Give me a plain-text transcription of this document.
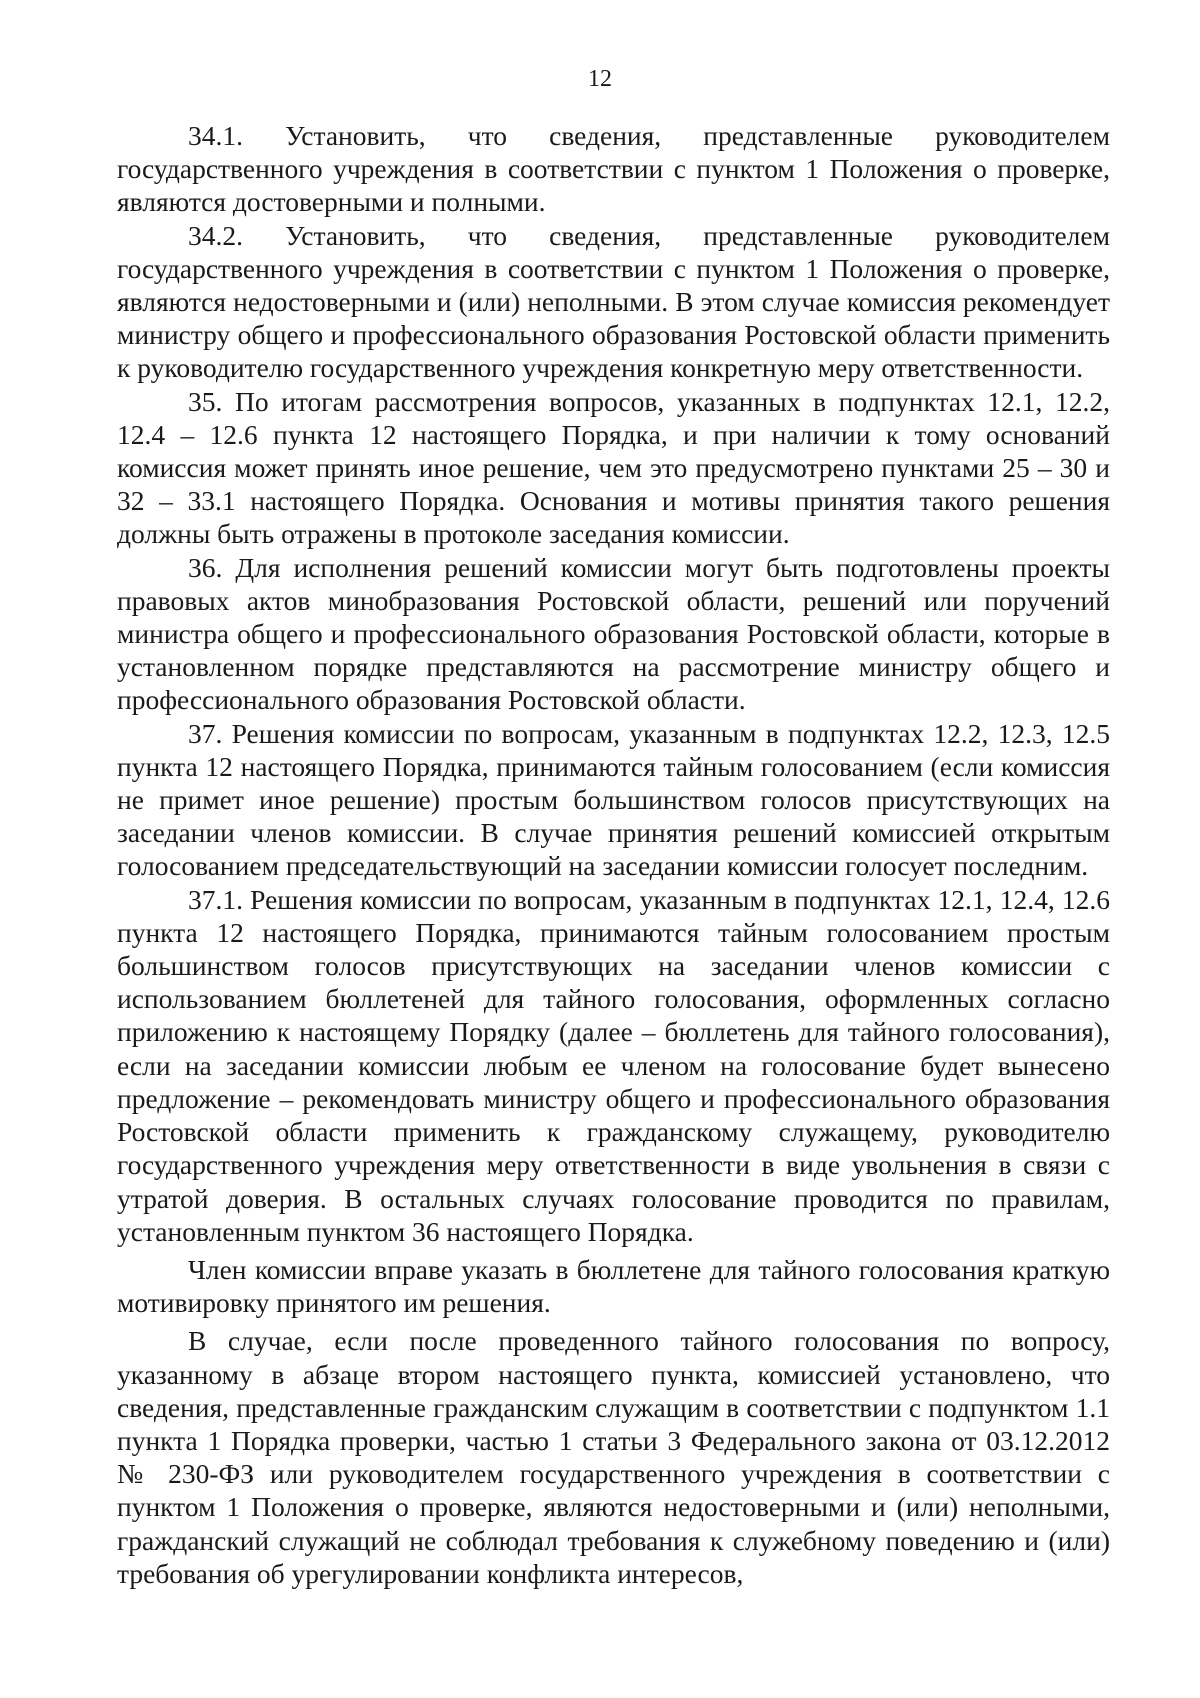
12

34.1. Установить, что сведения, представленные руководителем государственного учреждения в соответствии с пунктом 1 Положения о проверке, являются достоверными и полными.

34.2. Установить, что сведения, представленные руководителем государственного учреждения в соответствии с пунктом 1 Положения о проверке, являются недостоверными и (или) неполными. В этом случае комиссия рекомендует министру общего и профессионального образования Ростовской области применить к руководителю государственного учреждения конкретную меру ответственности.

35. По итогам рассмотрения вопросов, указанных в подпунктах 12.1, 12.2, 12.4 – 12.6 пункта 12 настоящего Порядка, и при наличии к тому оснований комиссия может принять иное решение, чем это предусмотрено пунктами 25 – 30 и 32 – 33.1 настоящего Порядка. Основания и мотивы принятия такого решения должны быть отражены в протоколе заседания комиссии.

36. Для исполнения решений комиссии могут быть подготовлены проекты правовых актов минобразования Ростовской области, решений или поручений министра общего и профессионального образования Ростовской области, которые в установленном порядке представляются на рассмотрение министру общего и профессионального образования Ростовской области.

37. Решения комиссии по вопросам, указанным в подпунктах 12.2, 12.3, 12.5 пункта 12 настоящего Порядка, принимаются тайным голосованием (если комиссия не примет иное решение) простым большинством голосов присутствующих на заседании членов комиссии. В случае принятия решений комиссией открытым голосованием председательствующий на заседании комиссии голосует последним.

37.1. Решения комиссии по вопросам, указанным в подпунктах 12.1, 12.4, 12.6 пункта 12 настоящего Порядка, принимаются тайным голосованием простым большинством голосов присутствующих на заседании членов комиссии с использованием бюллетеней для тайного голосования, оформленных согласно приложению к настоящему Порядку (далее – бюллетень для тайного голосования), если на заседании комиссии любым ее членом на голосование будет вынесено предложение – рекомендовать министру общего и профессионального образования Ростовской области применить к гражданскому служащему, руководителю государственного учреждения меру ответственности в виде увольнения в связи с утратой доверия. В остальных случаях голосование проводится по правилам, установленным пунктом 36 настоящего Порядка.

Член комиссии вправе указать в бюллетене для тайного голосования краткую мотивировку принятого им решения.

В случае, если после проведенного тайного голосования по вопросу, указанному в абзаце втором настоящего пункта, комиссией установлено, что сведения, представленные гражданским служащим в соответствии с подпунктом 1.1 пункта 1 Порядка проверки, частью 1 статьи 3 Федерального закона от 03.12.2012 № 230-ФЗ или руководителем государственного учреждения в соответствии с пунктом 1 Положения о проверке, являются недостоверными и (или) неполными, гражданский служащий не соблюдал требования к служебному поведению и (или) требования об урегулировании конфликта интересов,
